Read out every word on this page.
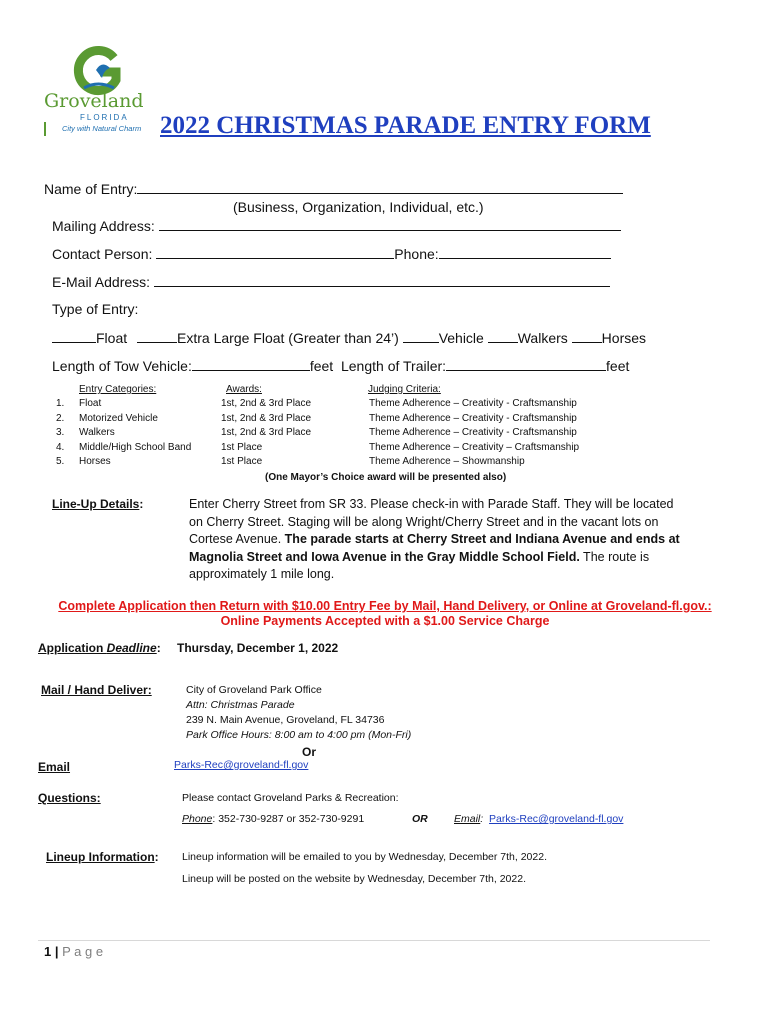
Groveland
FLORIDA
City with Natural Charm 2022 CHRISTMAS PARADE ENTRY FORM
Name of Entry:
(Business, Organization, Individual, etc.)
Mailing Address:
Contact Person:	Phone:
E-Mail Address:
Type of Entry:
Float	Extra Large Float (Greater than 24’)	Vehicle Walkers Horses
Length of Tow Vehicle:	feet Length of Trailer:	feet
Entry Categories:	Awards:	Judging Criteria:
1. Float	1st, 2nd & 3rd Place	Theme Adherence – Creativity - Craftsmanship
2. Motorized Vehicle	1st, 2nd & 3rd Place	Theme Adherence – Creativity - Craftsmanship
3. Walkers	1st, 2nd & 3rd Place	Theme Adherence – Creativity - Craftsmanship
4. Middle/High School Band	1st Place	Theme Adherence – Creativity – Craftsmanship
5. Horses	1st Place	Theme Adherence – Showmanship
(One Mayor’s Choice award will be presented also)
Line-Up Details:	Enter Cherry Street from SR 33. Please check-in with Parade Staff. They will be located
on Cherry Street. Staging will be along Wright/Cherry Street and in the vacant lots on
Cortese Avenue. The parade starts at Cherry Street and Indiana Avenue and ends at
Magnolia Street and Iowa Avenue in the Gray Middle School Field. The route is
approximately 1 mile long.
Complete Application then Return with $10.00 Entry Fee by Mail, Hand Delivery, or Online at Groveland-fl.gov.:
Online Payments Accepted with a $1.00 Service Charge
Application Deadline: Thursday, December 1, 2022
Mail / Hand Deliver:	City of Groveland Park Office
Attn: Christmas Parade
239 N. Main Avenue, Groveland, FL 34736
Park Office Hours: 8:00 am to 4:00 pm (Mon-Fri)
Or
Email	Parks-Rec@groveland-fl.gov
Questions:	Please contact Groveland Parks & Recreation:
Phone: 352-730-9287 or 352-730-9291	OR	Email: Parks-Rec@groveland-fl.gov
Lineup Information: Lineup information will be emailed to you by Wednesday, December 7th, 2022.
Lineup will be posted on the website by Wednesday, December 7th, 2022.
1 | P a g e
